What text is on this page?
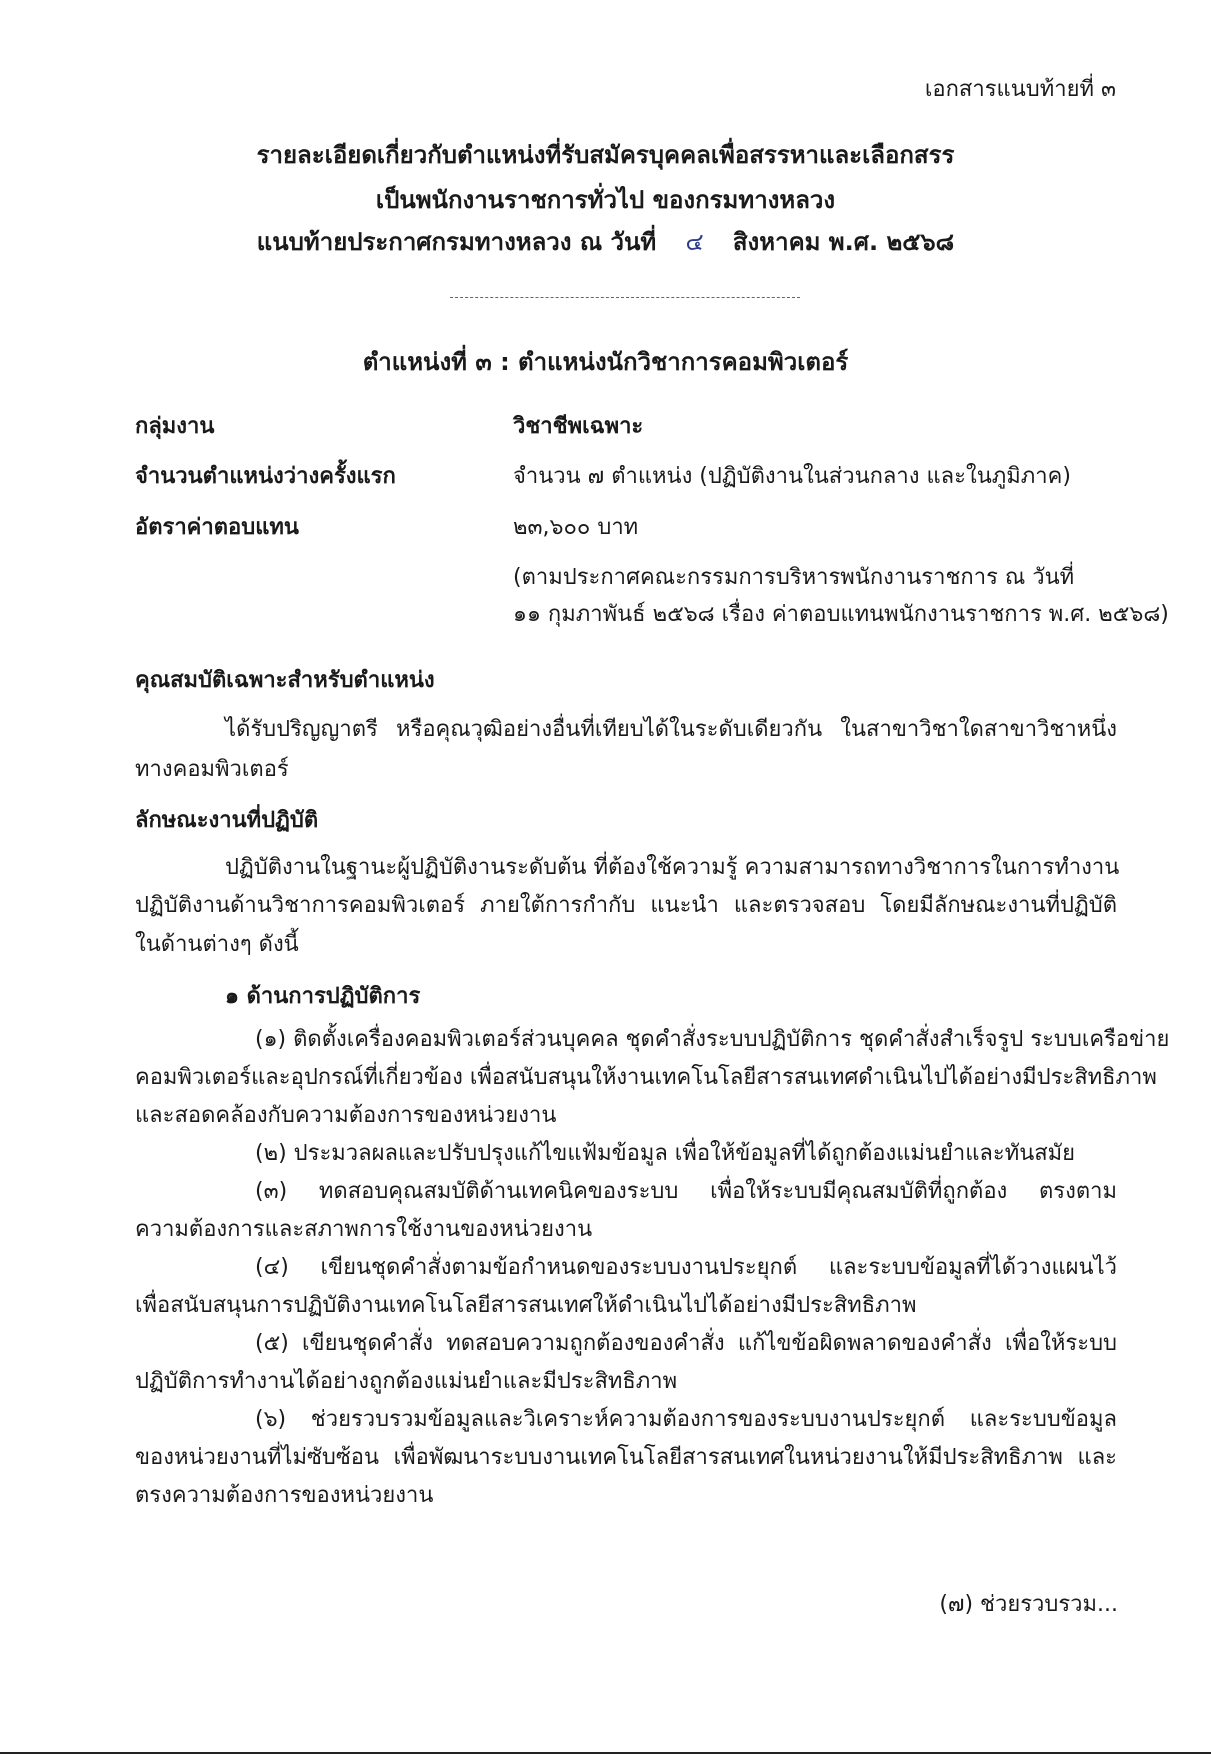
เอกสารแนบท้ายที่ ๓
รายละเอียดเกี่ยวกับตำแหน่งที่รับสมัครบุคคลเพื่อสรรหาและเลือกสรร
เป็นพนักงานราชการทั่วไป ของกรมทางหลวง
แนบท้ายประกาศกรมทางหลวง ณ วันที่ ๔ สิงหาคม พ.ศ. ๒๕๖๘
ตำแหน่งที่ ๓ : ตำแหน่งนักวิชาการคอมพิวเตอร์
กลุ่มงาน	วิชาชีพเฉพาะ
จำนวนตำแหน่งว่างครั้งแรก	จำนวน ๗ ตำแหน่ง (ปฏิบัติงานในส่วนกลาง และในภูมิภาค)
อัตราค่าตอบแทน	๒๓,๖๐๐ บาท
(ตามประกาศคณะกรรมการบริหารพนักงานราชการ ณ วันที่
๑๑ กุมภาพันธ์ ๒๕๖๘ เรื่อง ค่าตอบแทนพนักงานราชการ พ.ศ. ๒๕๖๘)
คุณสมบัติเฉพาะสำหรับตำแหน่ง
ได้รับปริญญาตรี หรือคุณวุฒิอย่างอื่นที่เทียบได้ในระดับเดียวกัน ในสาขาวิชาใดสาขาวิชาหนึ่ง
ทางคอมพิวเตอร์
ลักษณะงานที่ปฏิบัติ
ปฏิบัติงานในฐานะผู้ปฏิบัติงานระดับต้น ที่ต้องใช้ความรู้ ความสามารถทางวิชาการในการทำงาน
ปฏิบัติงานด้านวิชาการคอมพิวเตอร์ ภายใต้การกำกับ แนะนำ และตรวจสอบ โดยมีลักษณะงานที่ปฏิบัติ
ในด้านต่างๆ ดังนี้
๑ ด้านการปฏิบัติการ
(๑) ติดตั้งเครื่องคอมพิวเตอร์ส่วนบุคคล ชุดคำสั่งระบบปฏิบัติการ ชุดคำสั่งสำเร็จรูป ระบบเครือข่าย
คอมพิวเตอร์และอุปกรณ์ที่เกี่ยวข้อง เพื่อสนับสนุนให้งานเทคโนโลยีสารสนเทศดำเนินไปได้อย่างมีประสิทธิภาพ
และสอดคล้องกับความต้องการของหน่วยงาน
(๒) ประมวลผลและปรับปรุงแก้ไขแฟ้มข้อมูล เพื่อให้ข้อมูลที่ได้ถูกต้องแม่นยำและทันสมัย
(๓) ทดสอบคุณสมบัติด้านเทคนิคของระบบ เพื่อให้ระบบมีคุณสมบัติที่ถูกต้อง ตรงตาม
ความต้องการและสภาพการใช้งานของหน่วยงาน
(๔) เขียนชุดคำสั่งตามข้อกำหนดของระบบงานประยุกต์ และระบบข้อมูลที่ได้วางแผนไว้
เพื่อสนับสนุนการปฏิบัติงานเทคโนโลยีสารสนเทศให้ดำเนินไปได้อย่างมีประสิทธิภาพ
(๕) เขียนชุดคำสั่ง ทดสอบความถูกต้องของคำสั่ง แก้ไขข้อผิดพลาดของคำสั่ง เพื่อให้ระบบ
ปฏิบัติการทำงานได้อย่างถูกต้องแม่นยำและมีประสิทธิภาพ
(๖) ช่วยรวบรวมข้อมูลและวิเคราะห์ความต้องการของระบบงานประยุกต์ และระบบข้อมูล
ของหน่วยงานที่ไม่ซับซ้อน เพื่อพัฒนาระบบงานเทคโนโลยีสารสนเทศในหน่วยงานให้มีประสิทธิภาพ และ
ตรงความต้องการของหน่วยงาน
(๗) ช่วยรวบรวม...
